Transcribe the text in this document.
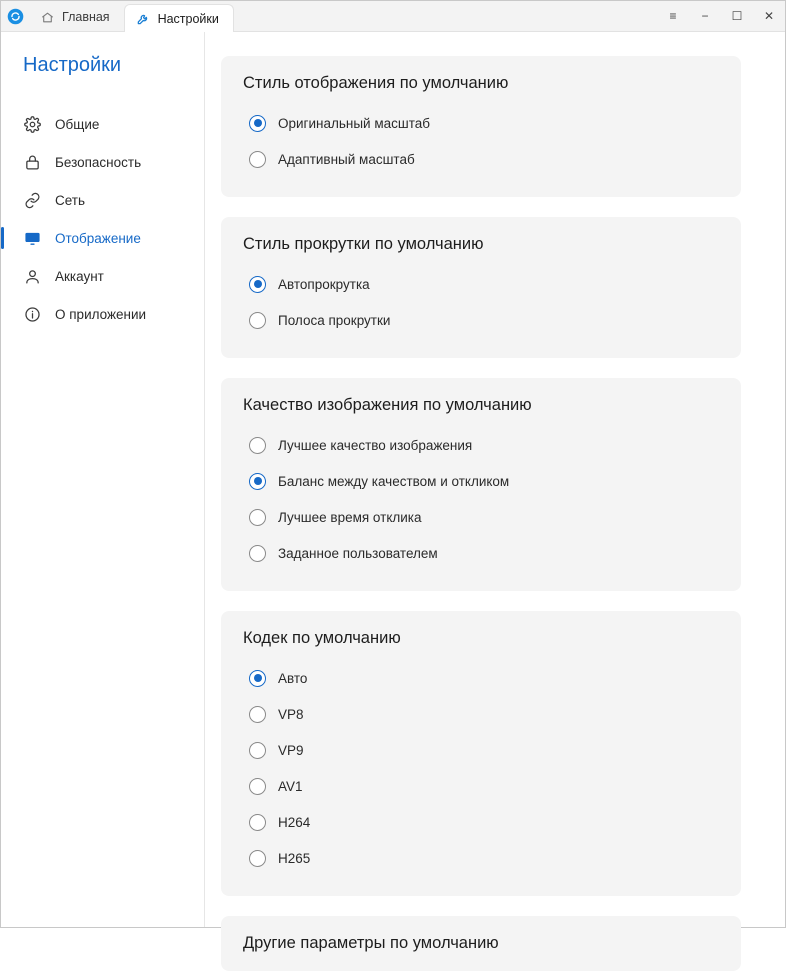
Главная	Настройки	≡	−	☐	✕
Настройки
Общие
Безопасность
Сеть
Отображение
Аккаунт
О приложении
Стиль отображения по умолчанию
Оригинальный масштаб
Адаптивный масштаб
Стиль прокрутки по умолчанию
Автопрокрутка
Полоса прокрутки
Качество изображения по умолчанию
Лучшее качество изображения
Баланс между качеством и откликом
Лучшее время отклика
Заданное пользователем
Кодек по умолчанию
Авто
VP8
VP9
AV1
H264
H265
Другие параметры по умолчанию
